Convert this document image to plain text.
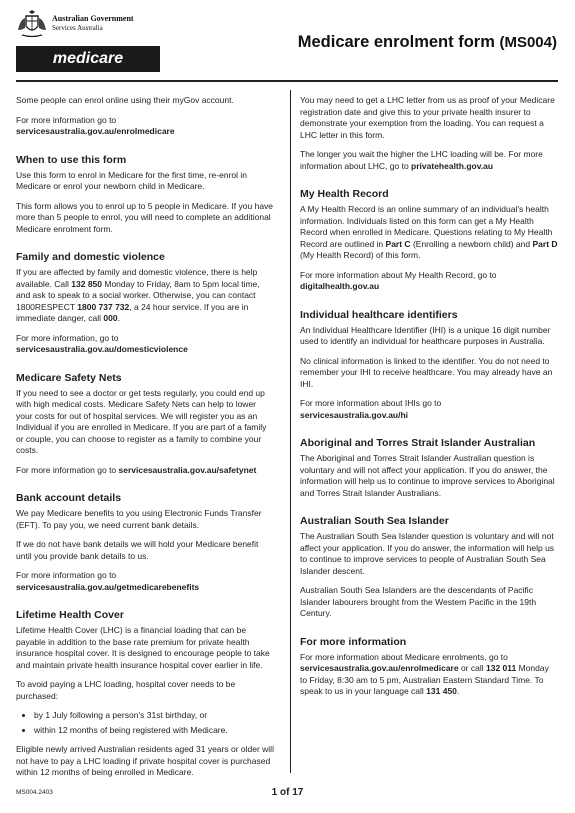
Australian Government
Services Australia
medicare
Medicare enrolment form (MS004)

Some people can enrol online using their myGov account.

For more information go to
servicesaustralia.gov.au/enrolmedicare

When to use this form

Use this form to enrol in Medicare for the first time, re-enrol in Medicare or enrol your newborn child in Medicare.

This form allows you to enrol up to 5 people in Medicare. If you have more than 5 people to enrol, you will need to complete an additional Medicare enrolment form.

Family and domestic violence

If you are affected by family and domestic violence, there is help available. Call 132 850 Monday to Friday, 8am to 5pm local time, and ask to speak to a social worker. Otherwise, you can contact 1800RESPECT 1800 737 732, a 24 hour service. If you are in immediate danger, call 000.

For more information, go to
servicesaustralia.gov.au/domesticviolence

Medicare Safety Nets

If you need to see a doctor or get tests regularly, you could end up with high medical costs. Medicare Safety Nets can help to lower your costs for out of hospital services. We will register you as an Individual if you are enrolled in Medicare. If you are part of a family or couple, you can choose to register as a family to combine your costs.

For more information go to servicesaustralia.gov.au/safetynet

Bank account details

We pay Medicare benefits to you using Electronic Funds Transfer (EFT). To pay you, we need current bank details.

If we do not have bank details we will hold your Medicare benefit until you provide bank details to us.

For more information go to
servicesaustralia.gov.au/getmedicarebenefits

Lifetime Health Cover

Lifetime Health Cover (LHC) is a financial loading that can be payable in addition to the base rate premium for private health insurance hospital cover. It is designed to encourage people to take and maintain private health insurance hospital cover earlier in life.

To avoid paying a LHC loading, hospital cover needs to be purchased:

• by 1 July following a person’s 31st birthday, or
• within 12 months of being registered with Medicare.

Eligible newly arrived Australian residents aged 31 years or older will not have to pay a LHC loading if private hospital cover is purchased within 12 months of being enrolled in Medicare.

You may need to get a LHC letter from us as proof of your Medicare registration date and give this to your private health insurer to demonstrate your exemption from the loading. You can request a LHC letter in this form.

The longer you wait the higher the LHC loading will be. For more information about LHC, go to privatehealth.gov.au

My Health Record

A My Health Record is an online summary of an individual’s health information. Individuals listed on this form can get a My Health Record when enrolled in Medicare. Questions relating to My Health Record are outlined in Part C (Enrolling a newborn child) and Part D (My Health Record) of this form.

For more information about My Health Record, go to
digitalhealth.gov.au

Individual healthcare identifiers

An Individual Healthcare Identifier (IHI) is a unique 16 digit number used to identify an individual for healthcare purposes in Australia.

No clinical information is linked to the identifier. You do not need to remember your IHI to receive healthcare. You may already have an IHI.

For more information about IHIs go to
servicesaustralia.gov.au/hi

Aboriginal and Torres Strait Islander Australian

The Aboriginal and Torres Strait Islander Australian question is voluntary and will not affect your application. If you do answer, the information will help us to continue to improve services to Aboriginal and Torres Strait Islander Australians.

Australian South Sea Islander

The Australian South Sea Islander question is voluntary and will not affect your application. If you do answer, the information will help us to continue to improve services to people of Australian South Sea Islander descent.

Australian South Sea Islanders are the descendants of Pacific Islander labourers brought from the Western Pacific in the 19th Century.

For more information

For more information about Medicare enrolments, go to servicesaustralia.gov.au/enrolmedicare or call 132 011 Monday to Friday, 8:30 am to 5 pm, Australian Eastern Standard Time. To speak to us in your language call 131 450.

MS004.2403	1 of 17
